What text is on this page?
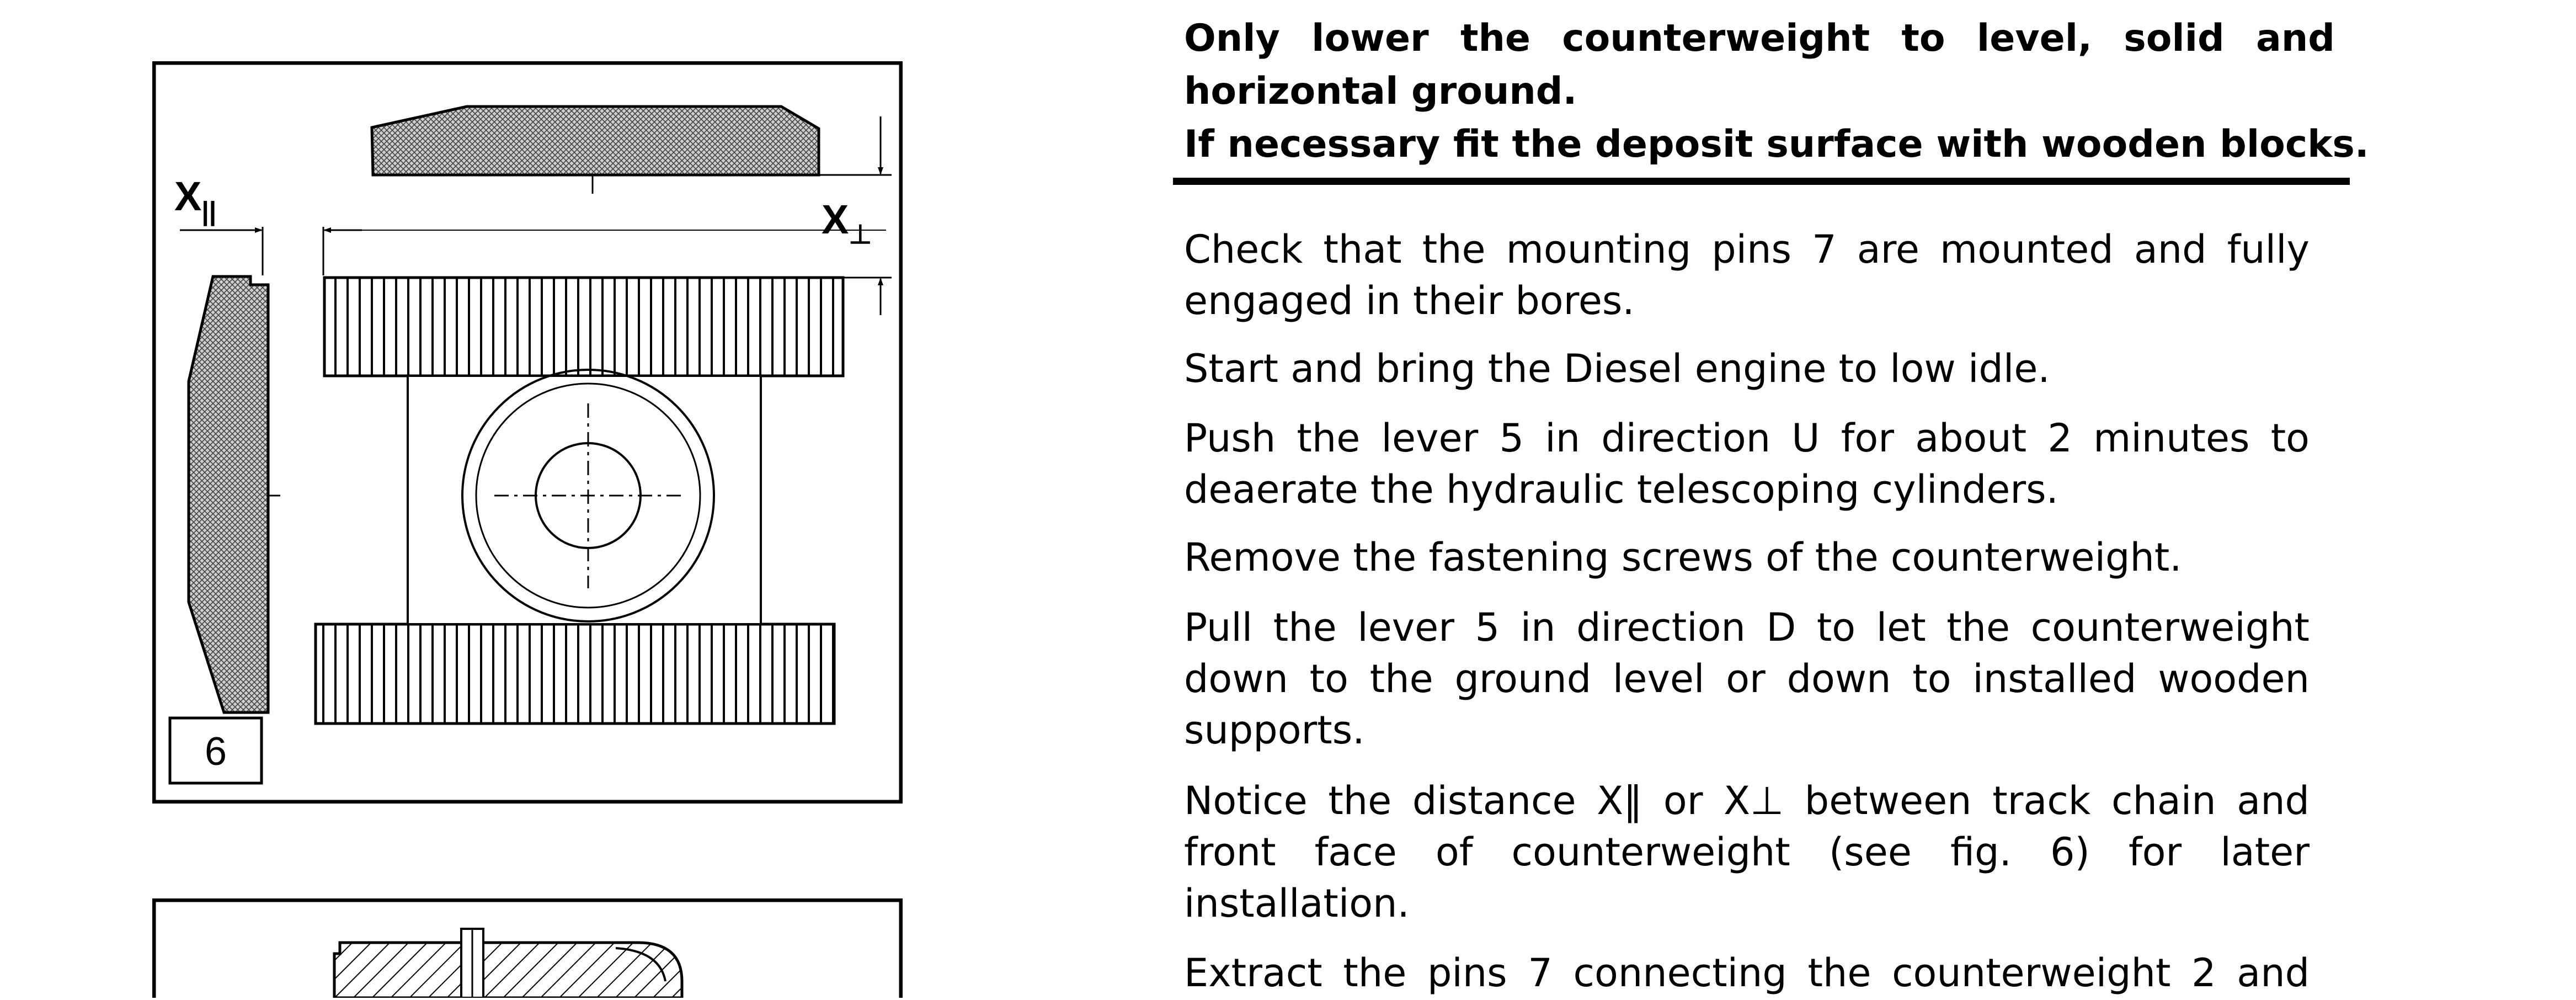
$X_{||}$	$X_\perp$
6
Only lower the counterweight to level, solid and
horizontal ground.
If necessary fit the deposit surface with wooden blocks.
Check that the mounting pins 7 are mounted and fully
engaged in their bores.
Start and bring the Diesel engine to low idle.
Push the lever 5 in direction U for about 2 minutes to
deaerate the hydraulic telescoping cylinders.
Remove the fastening screws of the counterweight.
Pull the lever 5 in direction D to let the counterweight
down to the ground level or down to installed wooden
supports.
Notice the distance X‖ or X⊥ between track chain and
front face of counterweight (see fig. 6) for later
installation.
Extract the pins 7 connecting the counterweight 2 and
